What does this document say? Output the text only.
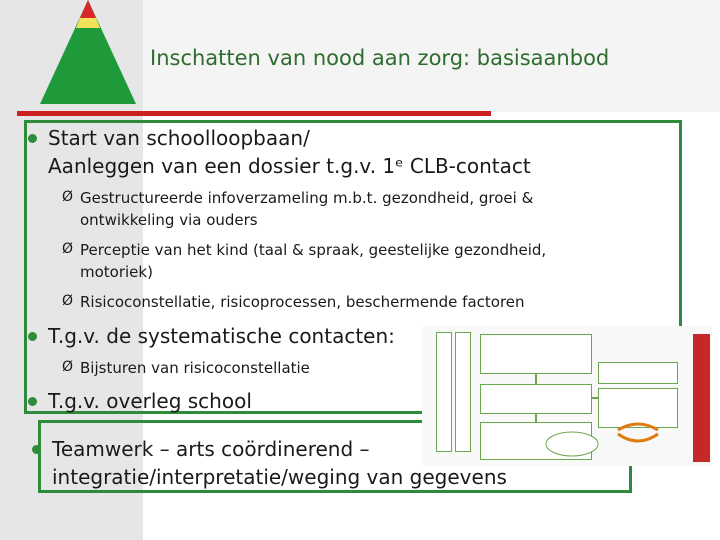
Inschatten van nood aan zorg: basisaanbod
Start van schoolloopbaan/
Aanleggen van een dossier t.g.v. 1ᵉ CLB-contact
Ø Gestructureerde infoverzameling m.b.t. gezondheid, groei &
ontwikkeling via ouders
Ø Perceptie van het kind (taal & spraak, geestelijke gezondheid,
motoriek)
Ø Risicoconstellatie, risicoprocessen, beschermende factoren
T.g.v. de systematische contacten:
Ø Bijsturen van risicoconstellatie
T.g.v. overleg school
Teamwerk – arts coördinerend –
integratie/interpretatie/weging van gegevens
